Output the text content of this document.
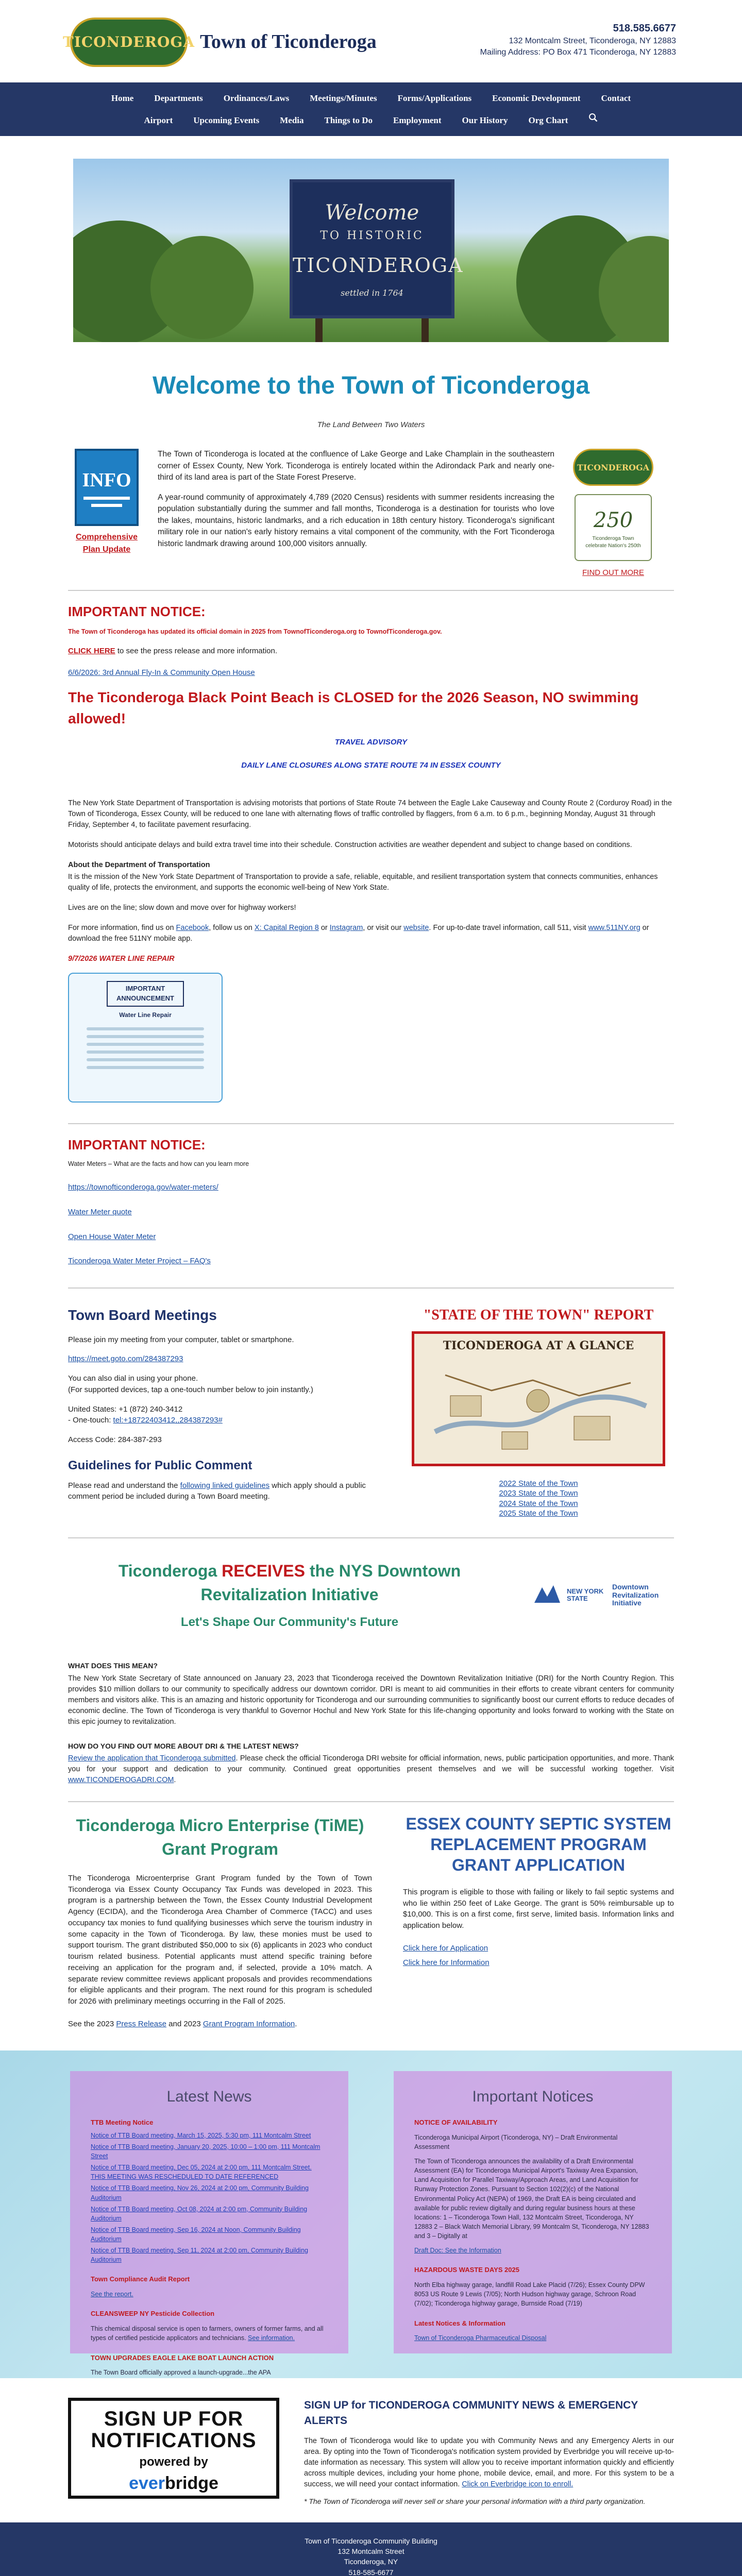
TICONDEROGA Town of Ticonderoga
518.585.6677
132 Montcalm Street, Ticonderoga, NY 12883
Mailing Address: PO Box 471 Ticonderoga, NY 12883
Home	Departments	Ordinances/Laws	Meetings/Minutes	Forms/Applications	Economic Development	Contact
Airport	Upcoming Events	Media	Things to Do	Employment	Our History	Org Chart
Welcome
TO HISTORIC
TICONDEROGA
settled in 1764
Welcome to the Town of Ticonderoga
The Land Between Two Waters
INFO
Comprehensive Plan Update

The Town of Ticonderoga is located at the confluence of Lake George and Lake Champlain in the southeastern corner of Essex County, New York. Ticonderoga is entirely located within the Adirondack Park and nearly one-third of its land area is part of the State Forest Preserve.

A year-round community of approximately 4,789 (2020 Census) residents with summer residents increasing the population substantially during the summer and fall months, Ticonderoga is a destination for tourists who love the lakes, mountains, historic landmarks, and a rich education in 18th century history. Ticonderoga's significant military role in our nation's early history remains a vital component of the community, with the Fort Ticonderoga historic landmark drawing around 100,000 visitors annually.

TICONDEROGA
250
Ticonderoga Town
celebrate Nation's 250th
FIND OUT MORE
IMPORTANT NOTICE:
The Town of Ticonderoga has updated its official domain in 2025 from TownofTiconderoga.org to TownofTiconderoga.gov.
CLICK HERE to see the press release and more information.
6/6/2026: 3rd Annual Fly-In & Community Open House
The Ticonderoga Black Point Beach is CLOSED for the 2026 Season, NO swimming allowed!
TRAVEL ADVISORY
DAILY LANE CLOSURES ALONG STATE ROUTE 74 IN ESSEX COUNTY

The New York State Department of Transportation is advising motorists that portions of State Route 74 between the Eagle Lake Causeway and County Route 2 (Corduroy Road) in the Town of Ticonderoga, Essex County, will be reduced to one lane with alternating flows of traffic controlled by flaggers, from 6 a.m. to 6 p.m., beginning Monday, August 31 through Friday, September 4, to facilitate pavement resurfacing.

Motorists should anticipate delays and build extra travel time into their schedule. Construction activities are weather dependent and subject to change based on conditions.

About the Department of Transportation

It is the mission of the New York State Department of Transportation to provide a safe, reliable, equitable, and resilient transportation system that connects communities, enhances quality of life, protects the environment, and supports the economic well-being of New York State.

Lives are on the line; slow down and move over for highway workers!

For more information, find us on Facebook, follow us on X: Capital Region 8 or Instagram, or visit our website. For up-to-date travel information, call 511, visit www.511NY.org or download the free 511NY mobile app.

9/7/2026 WATER LINE REPAIR
IMPORTANT ANNOUNCEMENT
Water Line Repair
IMPORTANT NOTICE:
Water Meters – What are the facts and how can you learn more
https://townofticonderoga.gov/water-meters/
Water Meter quote
Open House Water Meter
Ticonderoga Water Meter Project – FAQ's
Town Board Meetings

Please join my meeting from your computer, tablet or smartphone.

https://meet.goto.com/284387293

You can also dial in using your phone.

(For supported devices, tap a one-touch number below to join instantly.)

United States: +1 (872) 240-3412

- One-touch: tel:+18722403412,,284387293#

Access Code: 284-387-293

Guidelines for Public Comment

Please read and understand the following linked guidelines which apply should a public comment period be included during a Town Board meeting.

"STATE OF THE TOWN" REPORT
TICONDEROGA AT A GLANCE
2022 State of the Town
2023 State of the Town
2024 State of the Town
2025 State of the Town
Ticonderoga RECEIVES the NYS Downtown Revitalization Initiative
Let's Shape Our Community's Future
NEW YORK STATE
Downtown Revitalization Initiative
WHAT DOES THIS MEAN?

The New York State Secretary of State announced on January 23, 2023 that Ticonderoga received the Downtown Revitalization Initiative (DRI) for the North Country Region. This provides $10 million dollars to our community to specifically address our downtown corridor. DRI is meant to aid communities in their efforts to create vibrant centers for community members and visitors alike. This is an amazing and historic opportunity for Ticonderoga and our surrounding communities to significantly boost our current efforts to reduce decades of economic decline. The Town of Ticonderoga is very thankful to Governor Hochul and New York State for this life-changing opportunity and looks forward to working with the State on this epic journey to revitalization.

HOW DO YOU FIND OUT MORE ABOUT DRI & THE LATEST NEWS?

Review the application that Ticonderoga submitted. Please check the official Ticonderoga DRI website for official information, news, public participation opportunities, and more. Thank you for your support and dedication to your community. Continued great opportunities present themselves and we will be successful working together. Visit www.TICONDEROGADRI.COM.

Ticonderoga Micro Enterprise (TiME) Grant Program

The Ticonderoga Microenterprise Grant Program funded by the Town of Town Ticonderoga via Essex County Occupancy Tax Funds was developed in 2023. This program is a partnership between the Town, the Essex County Industrial Development Agency (ECIDA), and the Ticonderoga Area Chamber of Commerce (TACC) and uses occupancy tax monies to fund qualifying businesses which serve the tourism industry in some capacity in the Town of Ticonderoga. By law, these monies must be used to support tourism. The grant distributed $50,000 to six (6) applicants in 2023 who conduct tourism related business. Potential applicants must attend specific training before receiving an application for the program and, if selected, provide a 10% match. A separate review committee reviews applicant proposals and provides recommendations for eligible applicants and their program. The next round for this program is scheduled for 2026 with preliminary meetings occurring in the Fall of 2025.

See the 2023 Press Release and 2023 Grant Program Information.

ESSEX COUNTY SEPTIC SYSTEM REPLACEMENT PROGRAM GRANT APPLICATION

This program is eligible to those with failing or likely to fail septic systems and who lie within 250 feet of Lake George. The grant is 50% reimbursable up to $10,000. This is on a first come, first serve, limited basis. Information links and application below.

Click here for Application

Click here for Information

Latest News
TTB Meeting Notice
Notice of TTB Board meeting, March 15, 2025, 5:30 pm, 111 Montcalm Street
Notice of TTB Board meeting, January 20, 2025, 10:00 – 1:00 pm, 111 Montcalm Street
Notice of TTB Board meeting, Dec 05, 2024 at 2:00 pm, 111 Montcalm Street. THIS MEETING WAS RESCHEDULED TO DATE REFERENCED
Notice of TTB Board meeting, Nov 26, 2024 at 2:00 pm, Community Building Auditorium
Notice of TTB Board meeting, Oct 08, 2024 at 2:00 pm, Community Building Auditorium
Notice of TTB Board meeting, Sep 16, 2024 at Noon, Community Building Auditorium
Notice of TTB Board meeting, Sep 11, 2024 at 2:00 pm, Community Building Auditorium
Town Compliance Audit Report
See the report.
CLEANSWEEP NY Pesticide Collection
This chemical disposal service is open to farmers, owners of former farms, and all types of certified pesticide applicators and technicians. See information.
TOWN UPGRADES EAGLE LAKE BOAT LAUNCH ACTION
The Town Board officially approved a launch-upgrade...the APA
Important Notices
NOTICE OF AVAILABILITY
Ticonderoga Municipal Airport (Ticonderoga, NY) – Draft Environmental Assessment
The Town of Ticonderoga announces the availability of a Draft Environmental Assessment (EA) for Ticonderoga Municipal Airport's Taxiway Area Expansion, Land Acquisition for Parallel Taxiway/Approach Areas, and Land Acquisition for Runway Protection Zones. Pursuant to Section 102(2)(c) of the National Environmental Policy Act (NEPA) of 1969, the Draft EA is being circulated and available for public review digitally and during regular business hours at these locations: 1 – Ticonderoga Town Hall, 132 Montcalm Street, Ticonderoga, NY 12883 2 – Black Watch Memorial Library, 99 Montcalm St, Ticonderoga, NY 12883 and 3 – Digitally at
Draft Doc: See the Information
HAZARDOUS WASTE DAYS 2025
North Elba highway garage, landfill Road Lake Placid (7/26); Essex County DPW 8053 US Route 9 Lewis (7/05); North Hudson highway garage, Schroon Road (7/02); Ticonderoga highway garage, Burnside Road (7/19)
Latest Notices & Information
Town of Ticonderoga Pharmaceutical Disposal
SIGN UP FOR
NOTIFICATIONS
powered by
everbridge
SIGN UP for TICONDEROGA COMMUNITY NEWS & EMERGENCY ALERTS

The Town of Ticonderoga would like to update you with Community News and any Emergency Alerts in our area. By opting into the Town of Ticonderoga's notification system provided by Everbridge you will receive up-to-date information as necessary. This system will allow you to receive important information quickly and efficiently across multiple devices, including your home phone, mobile device, email, and more. For this system to be a success, we will need your contact information. Click on Everbridge icon to enroll.

* The Town of Ticonderoga will never sell or share your personal information with a third party organization.

Town of Ticonderoga Community Building
132 Montcalm Street
Ticonderoga, NY
518-585-6677
